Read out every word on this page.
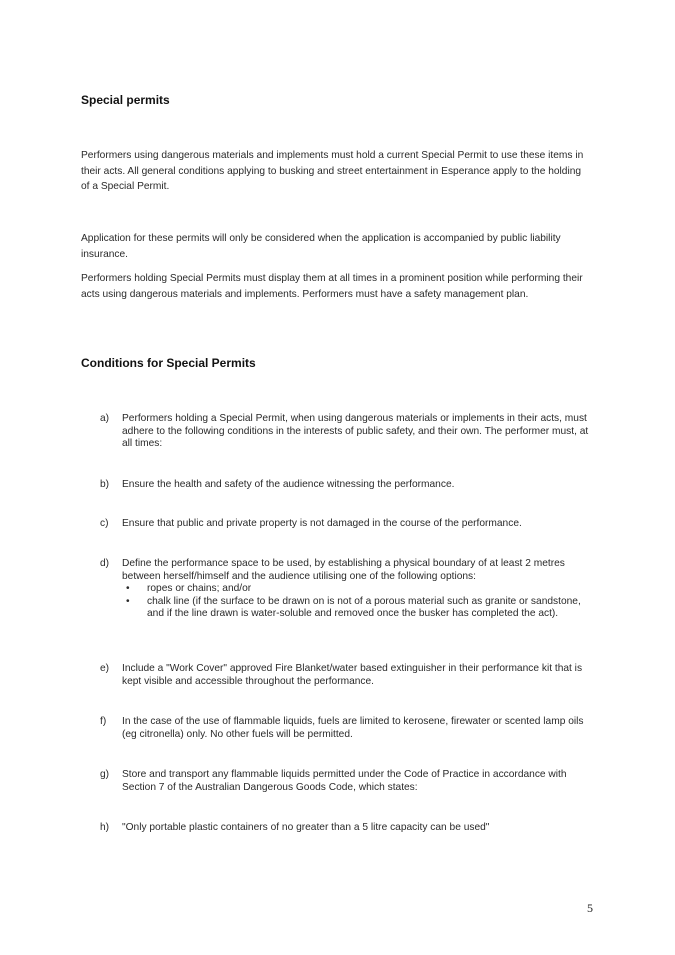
Special permits

Performers using dangerous materials and implements must hold a current Special Permit to use these items in their acts. All general conditions applying to busking and street entertainment in Esperance apply to the holding of a Special Permit.

Application for these permits will only be considered when the application is accompanied by public liability insurance.

Performers holding Special Permits must display them at all times in a prominent position while performing their acts using dangerous materials and implements. Performers must have a safety management plan.

Conditions for Special Permits
a)	Performers holding a Special Permit, when using dangerous materials or implements in their acts, must adhere to the following conditions in the interests of public safety, and their own. The performer must, at all times:
b)	Ensure the health and safety of the audience witnessing the performance.
c)	Ensure that public and private property is not damaged in the course of the performance.
d)	Define the performance space to be used, by establishing a physical boundary of at least 2 metres between herself/himself and the audience utilising one of the following options:
• ropes or chains; and/or
• chalk line (if the surface to be drawn on is not of a porous material such as granite or sandstone, and if the line drawn is water-soluble and removed once the busker has completed the act).
e)	Include a "Work Cover" approved Fire Blanket/water based extinguisher in their performance kit that is kept visible and accessible throughout the performance.
f)	In the case of the use of flammable liquids, fuels are limited to kerosene, firewater or scented lamp oils (eg citronella) only. No other fuels will be permitted.
g)	Store and transport any flammable liquids permitted under the Code of Practice in accordance with Section 7 of the Australian Dangerous Goods Code, which states:
h)	"Only portable plastic containers of no greater than a 5 litre capacity can be used"
5
